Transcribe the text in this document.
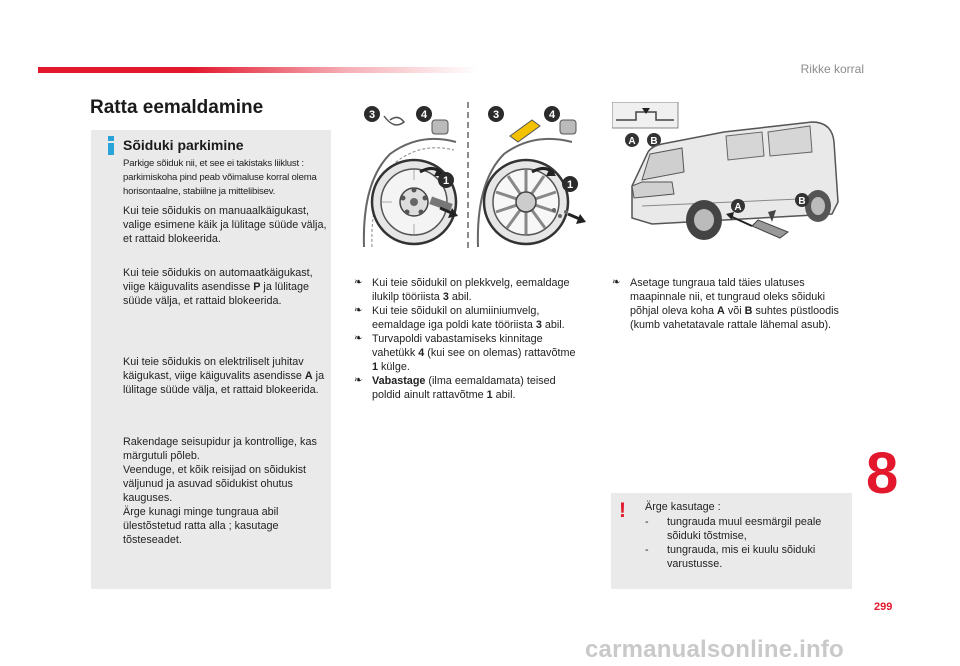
Rikke korral
Ratta eemaldamine
Sõiduki parkimine
Parkige sõiduk nii, et see ei takistaks liiklust : parkimiskoha pind peab võimaluse korral olema horisontaalne, stabiilne ja mittelibisev.
Kui teie sõidukis on manuaalkäigukast, valige esimene käik ja lülitage süüde välja, et rattaid blokeerida.
Kui teie sõidukis on automaatkäigukast, viige käiguvalits asendisse P ja lülitage süüde välja, et rattaid blokeerida.
Kui teie sõidukis on elektriliselt juhitav käigukast, viige käiguvalits asendisse A ja lülitage süüde välja, et rattaid blokeerida.
Rakendage seisupidur ja kontrollige, kas märgutuli põleb.
Veenduge, et kõik reisijad on sõidukist väljunud ja asuvad sõidukist ohutus kauguses.
Ärge kunagi minge tungraua abil ülestõstetud ratta alla ; kasutage tõsteseadet.
3	4
1
3	4
1
A B
A
B
❧ Kui teie sõidukil on plekkvelg, eemaldage ilukilp tööriista 3 abil.
❧ Kui teie sõidukil on alumiiniumvelg, eemaldage iga poldi kate tööriista 3 abil.
❧ Turvapoldi vabastamiseks kinnitage vahetükk 4 (kui see on olemas) rattavõtme 1 külge.
❧ Vabastage (ilma eemaldamata) teised poldid ainult rattavõtme 1 abil.
❧ Asetage tungraua tald täies ulatuses maapinnale nii, et tungraud oleks sõiduki põhjal oleva koha A või B suhtes püstloodis (kumb vahetatavale rattale lähemal asub).
! Ärge kasutage :
- tungrauda muul eesmärgil peale sõiduki tõstmise,
- tungrauda, mis ei kuulu sõiduki varustusse.
8
299
carmanualsonline.info
